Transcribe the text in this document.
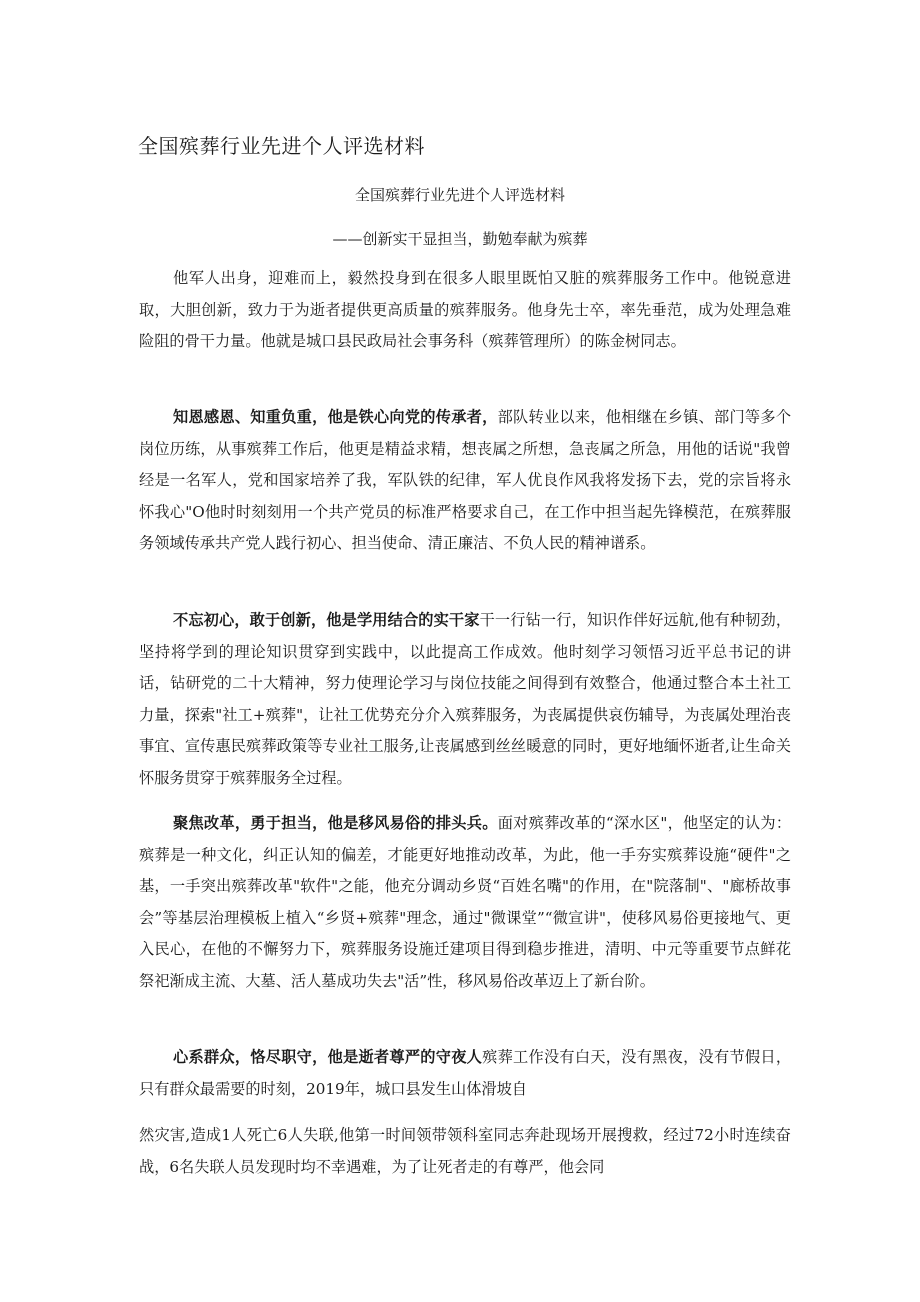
全国殡葬行业先进个人评选材料

全国殡葬行业先进个人评选材料

——创新实干显担当，勤勉奉献为殡葬

他军人出身，迎难而上，毅然投身到在很多人眼里既怕又脏的殡葬服务工作中。他锐意进取，大胆创新，致力于为逝者提供更高质量的殡葬服务。他身先士卒，率先垂范，成为处理急难险阻的骨干力量。他就是城口县民政局社会事务科（殡葬管理所）的陈金树同志。

知恩感恩、知重负重，他是铁心向党的传承者，部队转业以来，他相继在乡镇、部门等多个岗位历练，从事殡葬工作后，他更是精益求精，想丧属之所想，急丧属之所急，用他的话说"我曾经是一名军人，党和国家培养了我，军队铁的纪律，军人优良作风我将发扬下去，党的宗旨将永怀我心"O他时时刻刻用一个共产党员的标准严格要求自己，在工作中担当起先锋模范，在殡葬服务领域传承共产党人践行初心、担当使命、清正廉洁、不负人民的精神谱系。

不忘初心，敢于创新，他是学用结合的实干家干一行钻一行，知识作伴好远航,他有种韧劲，坚持将学到的理论知识贯穿到实践中，以此提高工作成效。他时刻学习领悟习近平总书记的讲话，钻研党的二十大精神，努力使理论学习与岗位技能之间得到有效整合，他通过整合本土社工力量，探索"社工+殡葬"，让社工优势充分介入殡葬服务，为丧属提供哀伤辅导，为丧属处理治丧事宜、宣传惠民殡葬政策等专业社工服务,让丧属感到丝丝暖意的同时，更好地缅怀逝者,让生命关怀服务贯穿于殡葬服务全过程。

聚焦改革，勇于担当，他是移风易俗的排头兵。面对殡葬改革的“深水区"，他坚定的认为：殡葬是一种文化，纠正认知的偏差，才能更好地推动改革，为此，他一手夯实殡葬设施“硬件"之基，一手突出殡葬改革"软件"之能，他充分调动乡贤“百姓名嘴"的作用，在"院落制"、"廊桥故事会”等基层治理模板上植入“乡贤+殡葬"理念，通过"微课堂”“微宣讲"，使移风易俗更接地气、更入民心，在他的不懈努力下，殡葬服务设施迁建项目得到稳步推进，清明、中元等重要节点鲜花祭祀渐成主流、大墓、活人墓成功失去"活”性，移风易俗改革迈上了新台阶。

心系群众，恪尽职守，他是逝者尊严的守夜人殡葬工作没有白天，没有黑夜，没有节假日，只有群众最需要的时刻，2019年，城口县发生山体滑坡自

然灾害,造成1人死亡6人失联,他第一时间领带领科室同志奔赴现场开展搜救，经过72小时连续奋战，6名失联人员发现时均不幸遇难，为了让死者走的有尊严，他会同
